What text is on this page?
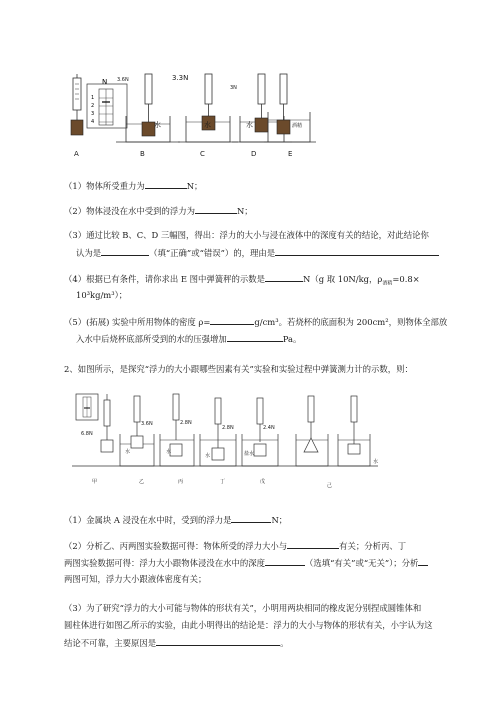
1
2
3
4
N 3.6N	3.3N
3N
水	水	水	酒精
A	B	C	D	E
（1）物体所受重力为	N；
（2）物体浸没在水中受到的浮力为	N；
（3）通过比较 B、C、D 三幅图，得出：浮力的大小与浸在液体中的深度有关的结论，对此结论你
认为是	（填“正确”或“错误”）的，理由是
（4）根据已有条件，请你求出 E 图中弹簧秤的示数是	N（g 取 10N/kg，$\rho_{酒精}=0.8\times$
10³kg/m³）；
（5）(拓展) 实验中所用物体的密度 ρ=	g/cm³。若烧杯的底面积为 200cm²，则物体全部放
入水中后烧杯底部所受到的水的压强增加	Pa。
2、如图所示，是探究“浮力的大小跟哪些因素有关”实验和实验过程中弹簧测力计的示数，则：
6.8N
3.6N	2.8N
2.8N	2.4N
水	水
水	盐水
水
甲	乙	丙	丁	戊
己
（1）金属块 A 浸没在水中时，受到的浮力是	N；
（2）分析乙、丙两图实验数据可得：物体所受的浮力大小与	有关；分析丙、丁
两图实验数据可得：浮力大小跟物体浸没在水中的深度	（选填“有关”或“无关”）；分析
两图可知，浮力大小跟液体密度有关；
（3）为了研究“浮力的大小可能与物体的形状有关”，小明用两块相同的橡皮泥分别捏成圆锥体和
圆柱体进行如图乙所示的实验，由此小明得出的结论是：浮力的大小与物体的形状有关，小宇认为这
结论不可靠，主要原因是	。
